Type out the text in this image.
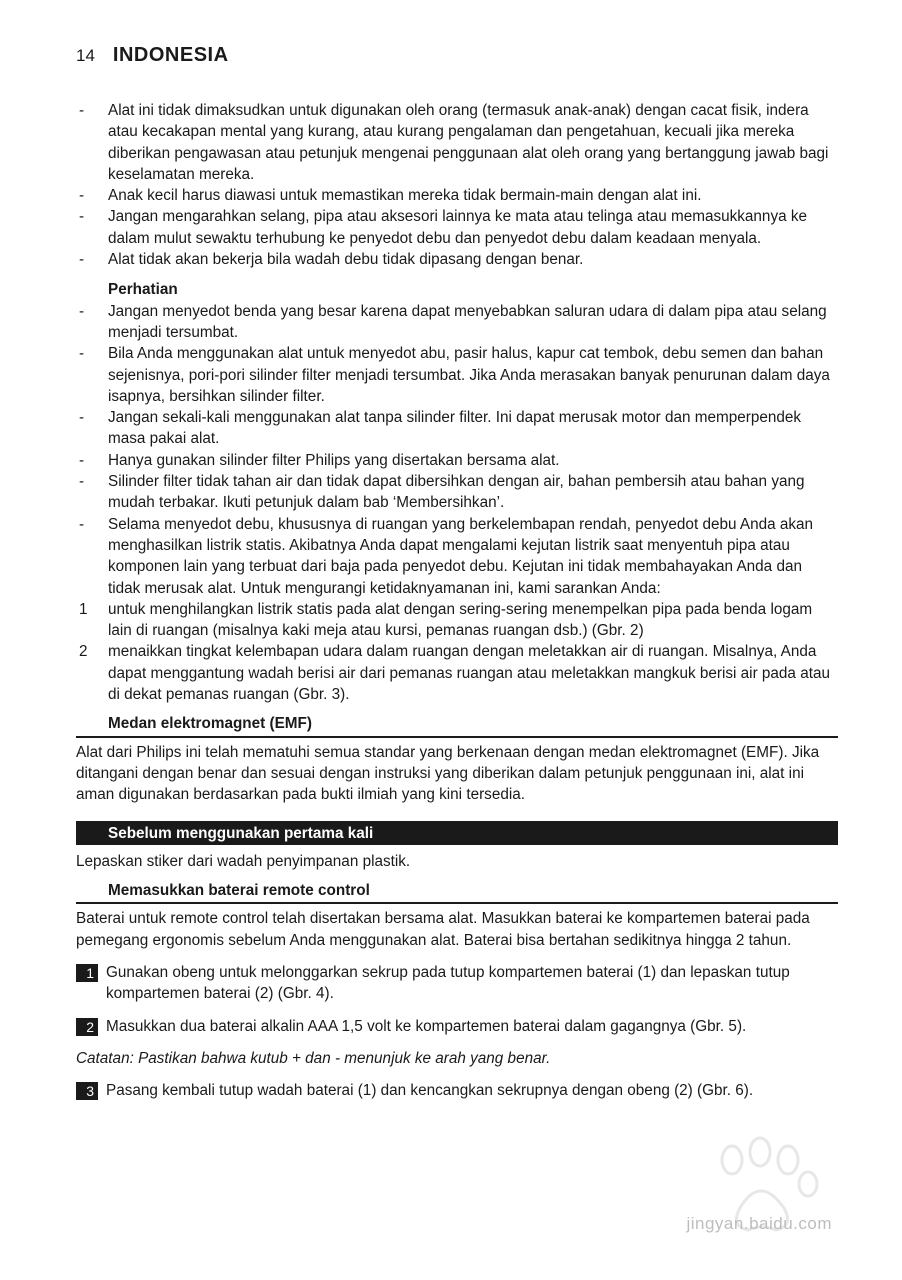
14 INDONESIA
- Alat ini tidak dimaksudkan untuk digunakan oleh orang (termasuk anak-anak) dengan cacat fisik, indera atau kecakapan mental yang kurang, atau kurang pengalaman dan pengetahuan, kecuali jika mereka diberikan pengawasan atau petunjuk mengenai penggunaan alat oleh orang yang bertanggung jawab bagi keselamatan mereka.
- Anak kecil harus diawasi untuk memastikan mereka tidak bermain-main dengan alat ini.
- Jangan mengarahkan selang, pipa atau aksesori lainnya ke mata atau telinga atau memasukkannya ke dalam mulut sewaktu terhubung ke penyedot debu dan penyedot debu dalam keadaan menyala.
- Alat tidak akan bekerja bila wadah debu tidak dipasang dengan benar.
Perhatian
- Jangan menyedot benda yang besar karena dapat menyebabkan saluran udara di dalam pipa atau selang menjadi tersumbat.
- Bila Anda menggunakan alat untuk menyedot abu, pasir halus, kapur cat tembok, debu semen dan bahan sejenisnya, pori-pori silinder filter menjadi tersumbat. Jika Anda merasakan banyak penurunan dalam daya isapnya, bersihkan silinder filter.
- Jangan sekali-kali menggunakan alat tanpa silinder filter. Ini dapat merusak motor dan memperpendek masa pakai alat.
- Hanya gunakan silinder filter Philips yang disertakan bersama alat.
- Silinder filter tidak tahan air dan tidak dapat dibersihkan dengan air, bahan pembersih atau bahan yang mudah terbakar. Ikuti petunjuk dalam bab ‘Membersihkan’.
- Selama menyedot debu, khususnya di ruangan yang berkelembapan rendah, penyedot debu Anda akan menghasilkan listrik statis. Akibatnya Anda dapat mengalami kejutan listrik saat menyentuh pipa atau komponen lain yang terbuat dari baja pada penyedot debu. Kejutan ini tidak membahayakan Anda dan tidak merusak alat. Untuk mengurangi ketidaknyamanan ini, kami sarankan Anda:
1 untuk menghilangkan listrik statis pada alat dengan sering-sering menempelkan pipa pada benda logam lain di ruangan (misalnya kaki meja atau kursi, pemanas ruangan dsb.) (Gbr. 2)
2 menaikkan tingkat kelembapan udara dalam ruangan dengan meletakkan air di ruangan. Misalnya, Anda dapat menggantung wadah berisi air dari pemanas ruangan atau meletakkan mangkuk berisi air pada atau di dekat pemanas ruangan (Gbr. 3).
Medan elektromagnet (EMF)
Alat dari Philips ini telah mematuhi semua standar yang berkenaan dengan medan elektromagnet (EMF). Jika ditangani dengan benar dan sesuai dengan instruksi yang diberikan dalam petunjuk penggunaan ini, alat ini aman digunakan berdasarkan pada bukti ilmiah yang kini tersedia.
Sebelum menggunakan pertama kali
Lepaskan stiker dari wadah penyimpanan plastik.
Memasukkan baterai remote control
Baterai untuk remote control telah disertakan bersama alat. Masukkan baterai ke kompartemen baterai pada pemegang ergonomis sebelum Anda menggunakan alat. Baterai bisa bertahan sedikitnya hingga 2 tahun.
1 Gunakan obeng untuk melonggarkan sekrup pada tutup kompartemen baterai (1) dan lepaskan tutup kompartemen baterai (2) (Gbr. 4).
2 Masukkan dua baterai alkalin AAA 1,5 volt ke kompartemen baterai dalam gagangnya (Gbr. 5).
Catatan: Pastikan bahwa kutub + dan - menunjuk ke arah yang benar.
3 Pasang kembali tutup wadah baterai (1) dan kencangkan sekrupnya dengan obeng (2) (Gbr. 6).
jingyan.baidu.com
